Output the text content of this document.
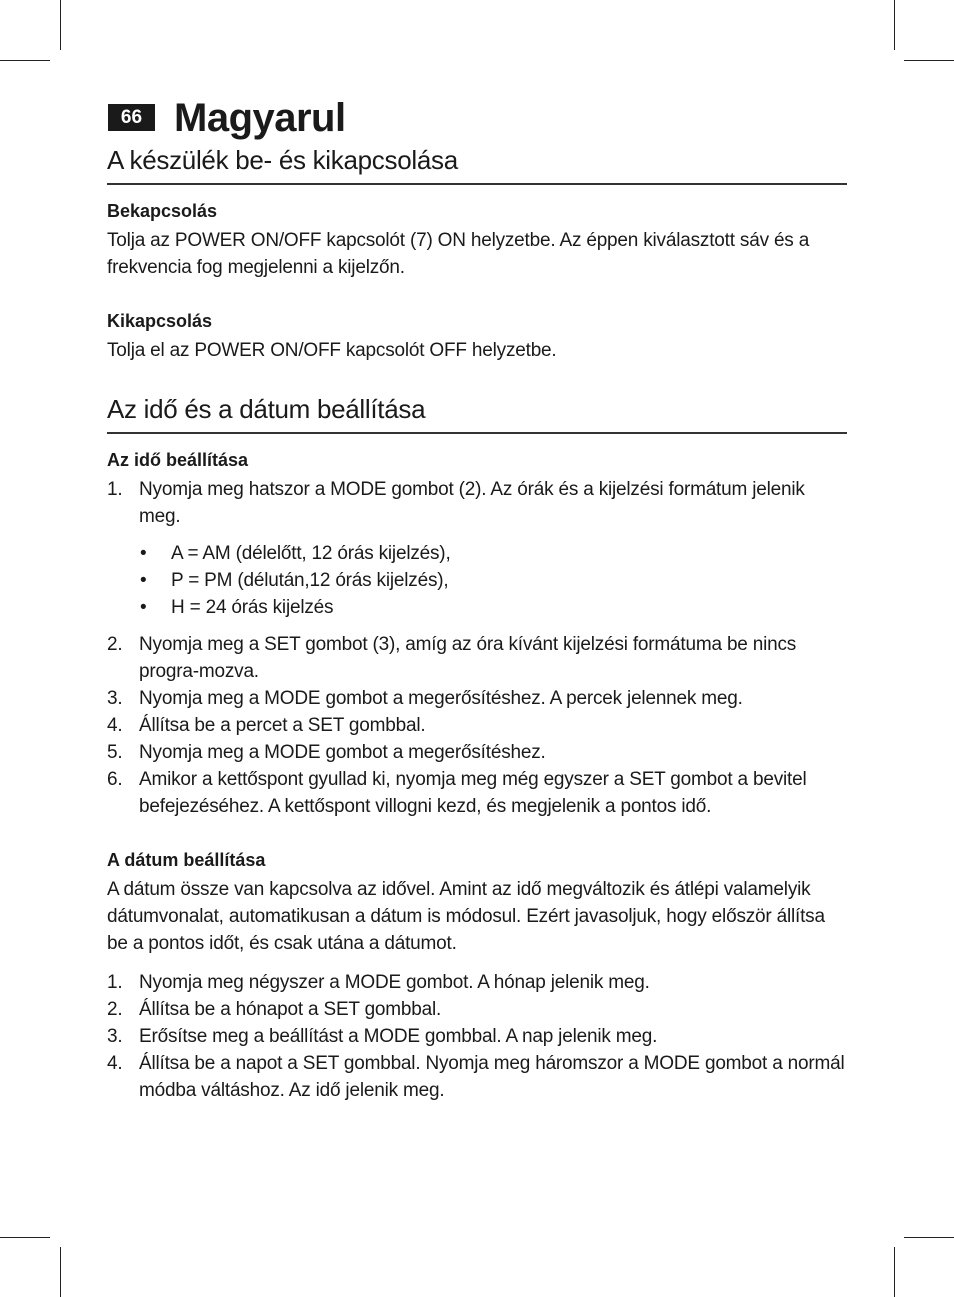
66 Magyarul
A készülék be- és kikapcsolása
Bekapcsolás

Tolja az POWER ON/OFF kapcsolót (7) ON helyzetbe. Az éppen kiválasztott sáv és a frekvencia fog megjelenni a kijelzőn.

Kikapcsolás

Tolja el az POWER ON/OFF kapcsolót OFF helyzetbe.

Az idő és a dátum beállítása
Az idő beállítása
1. Nyomja meg hatszor a MODE gombot (2). Az órák és a kijelzési formátum jelenik meg.
• A = AM (délelőtt, 12 órás kijelzés),
• P = PM (délután,12 órás kijelzés),
• H = 24 órás kijelzés
2. Nyomja meg a SET gombot (3), amíg az óra kívánt kijelzési formátuma be nincs progra-mozva.
3. Nyomja meg a MODE gombot a megerősítéshez. A percek jelennek meg.
4. Állítsa be a percet a SET gombbal.
5. Nyomja meg a MODE gombot a megerősítéshez.
6. Amikor a kettőspont gyullad ki, nyomja meg még egyszer a SET gombot a bevitel befejezéséhez. A kettőspont villogni kezd, és megjelenik a pontos idő.
A dátum beállítása

A dátum össze van kapcsolva az idővel. Amint az idő megváltozik és átlépi valamelyik dátumvonalat, automatikusan a dátum is módosul. Ezért javasoljuk, hogy először állítsa be a pontos időt, és csak utána a dátumot.

1. Nyomja meg négyszer a MODE gombot. A hónap jelenik meg.
2. Állítsa be a hónapot a SET gombbal.
3. Erősítse meg a beállítást a MODE gombbal. A nap jelenik meg.
4. Állítsa be a napot a SET gombbal. Nyomja meg háromszor a MODE gombot a normál módba váltáshoz. Az idő jelenik meg.
